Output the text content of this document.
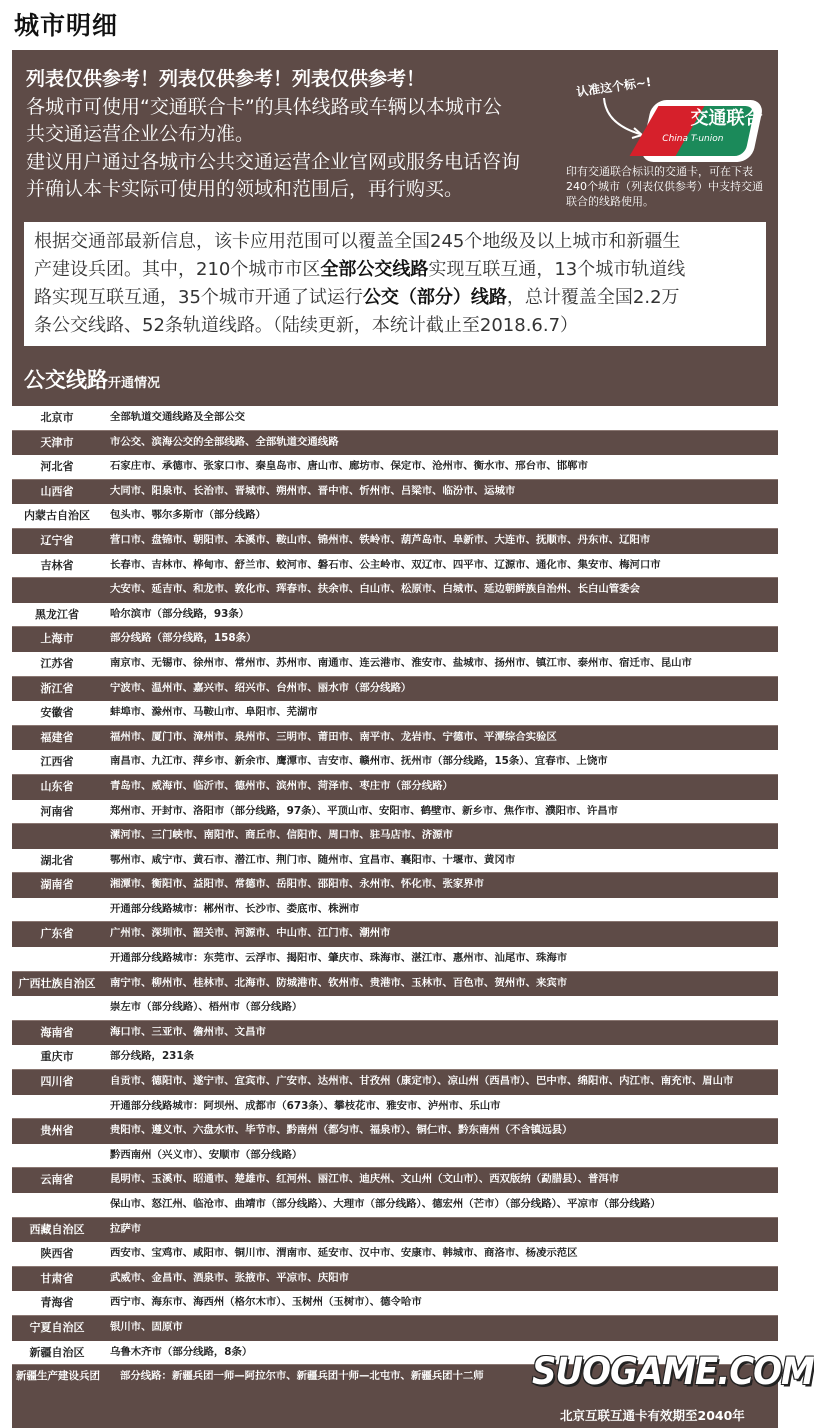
城市明细
列表仅供参考！列表仅供参考！列表仅供参考！
各城市可使用“交通联合卡”的具体线路或车辆以本城市公
共交通运营企业公布为准。
建议用户通过各城市公共交通运营企业官网或服务电话咨询
并确认本卡实际可使用的领域和范围后，再行购买。
认准这个标~!
交通联合
China T-union
印有交通联合标识的交通卡，可在下表240个城市（列表仅供参考）中支持交通联合的线路使用。
根据交通部最新信息，该卡应用范围可以覆盖全国245个地级及以上城市和新疆生
产建设兵团。其中，210个城市市区全部公交线路实现互联互通，13个城市轨道线
路实现互联互通，35个城市开通了试运行公交（部分）线路，总计覆盖全国2.2万
条公交线路、52条轨道线路。（陆续更新，本统计截止至2018.6.7）
公交线路开通情况
北京市	全部轨道交通线路及全部公交
天津市	市公交、滨海公交的全部线路、全部轨道交通线路
河北省	石家庄市、承德市、张家口市、秦皇岛市、唐山市、廊坊市、保定市、沧州市、衡水市、邢台市、邯郸市
山西省	大同市、阳泉市、长治市、晋城市、朔州市、晋中市、忻州市、吕梁市、临汾市、运城市
内蒙古自治区	包头市、鄂尔多斯市（部分线路）
辽宁省	营口市、盘锦市、朝阳市、本溪市、鞍山市、锦州市、铁岭市、葫芦岛市、阜新市、大连市、抚顺市、丹东市、辽阳市
吉林省	长春市、吉林市、桦甸市、舒兰市、蛟河市、磐石市、公主岭市、双辽市、四平市、辽源市、通化市、集安市、梅河口市
大安市、延吉市、和龙市、敦化市、珲春市、扶余市、白山市、松原市、白城市、延边朝鲜族自治州、长白山管委会
黑龙江省	哈尔滨市（部分线路，93条）
上海市	部分线路（部分线路，158条）
江苏省	南京市、无锡市、徐州市、常州市、苏州市、南通市、连云港市、淮安市、盐城市、扬州市、镇江市、泰州市、宿迁市、昆山市
浙江省	宁波市、温州市、嘉兴市、绍兴市、台州市、丽水市（部分线路）
安徽省	蚌埠市、滁州市、马鞍山市、阜阳市、芜湖市
福建省	福州市、厦门市、漳州市、泉州市、三明市、莆田市、南平市、龙岩市、宁德市、平潭综合实验区
江西省	南昌市、九江市、萍乡市、新余市、鹰潭市、吉安市、赣州市、抚州市（部分线路，15条）、宜春市、上饶市
山东省	青岛市、威海市、临沂市、德州市、滨州市、菏泽市、枣庄市（部分线路）
河南省	郑州市、开封市、洛阳市（部分线路，97条）、平顶山市、安阳市、鹤壁市、新乡市、焦作市、濮阳市、许昌市
漯河市、三门峡市、南阳市、商丘市、信阳市、周口市、驻马店市、济源市
湖北省	鄂州市、咸宁市、黄石市、潜江市、荆门市、随州市、宜昌市、襄阳市、十堰市、黄冈市
湖南省	湘潭市、衡阳市、益阳市、常德市、岳阳市、邵阳市、永州市、怀化市、张家界市
开通部分线路城市：郴州市、长沙市、娄底市、株洲市
广东省	广州市、深圳市、韶关市、河源市、中山市、江门市、潮州市
开通部分线路城市：东莞市、云浮市、揭阳市、肇庆市、珠海市、湛江市、惠州市、汕尾市、珠海市
广西壮族自治区	南宁市、柳州市、桂林市、北海市、防城港市、钦州市、贵港市、玉林市、百色市、贺州市、来宾市
崇左市（部分线路）、梧州市（部分线路）
海南省	海口市、三亚市、儋州市、文昌市
重庆市	部分线路，231条
四川省	自贡市、德阳市、遂宁市、宜宾市、广安市、达州市、甘孜州（康定市）、凉山州（西昌市）、巴中市、绵阳市、内江市、南充市、眉山市
开通部分线路城市：阿坝州、成都市（673条）、攀枝花市、雅安市、泸州市、乐山市
贵州省	贵阳市、遵义市、六盘水市、毕节市、黔南州（都匀市、福泉市）、铜仁市、黔东南州（不含镇远县）
黔西南州（兴义市）、安顺市（部分线路）
云南省	昆明市、玉溪市、昭通市、楚雄市、红河州、丽江市、迪庆州、文山州（文山市）、西双版纳（勐腊县）、普洱市
保山市、怒江州、临沧市、曲靖市（部分线路）、大理市（部分线路）、德宏州（芒市）（部分线路）、平凉市（部分线路）
西藏自治区	拉萨市
陕西省	西安市、宝鸡市、咸阳市、铜川市、渭南市、延安市、汉中市、安康市、韩城市、商洛市、杨凌示范区
甘肃省	武威市、金昌市、酒泉市、张掖市、平凉市、庆阳市
青海省	西宁市、海东市、海西州（格尔木市）、玉树州（玉树市）、德令哈市
宁夏自治区	银川市、固原市
新疆自治区	乌鲁木齐市（部分线路，8条）
新疆生产建设兵团	部分线路：新疆兵团一师—阿拉尔市、新疆兵团十师—北屯市、新疆兵团十二师	SUOGAME.COM
北京互联互通卡有效期至2040年
